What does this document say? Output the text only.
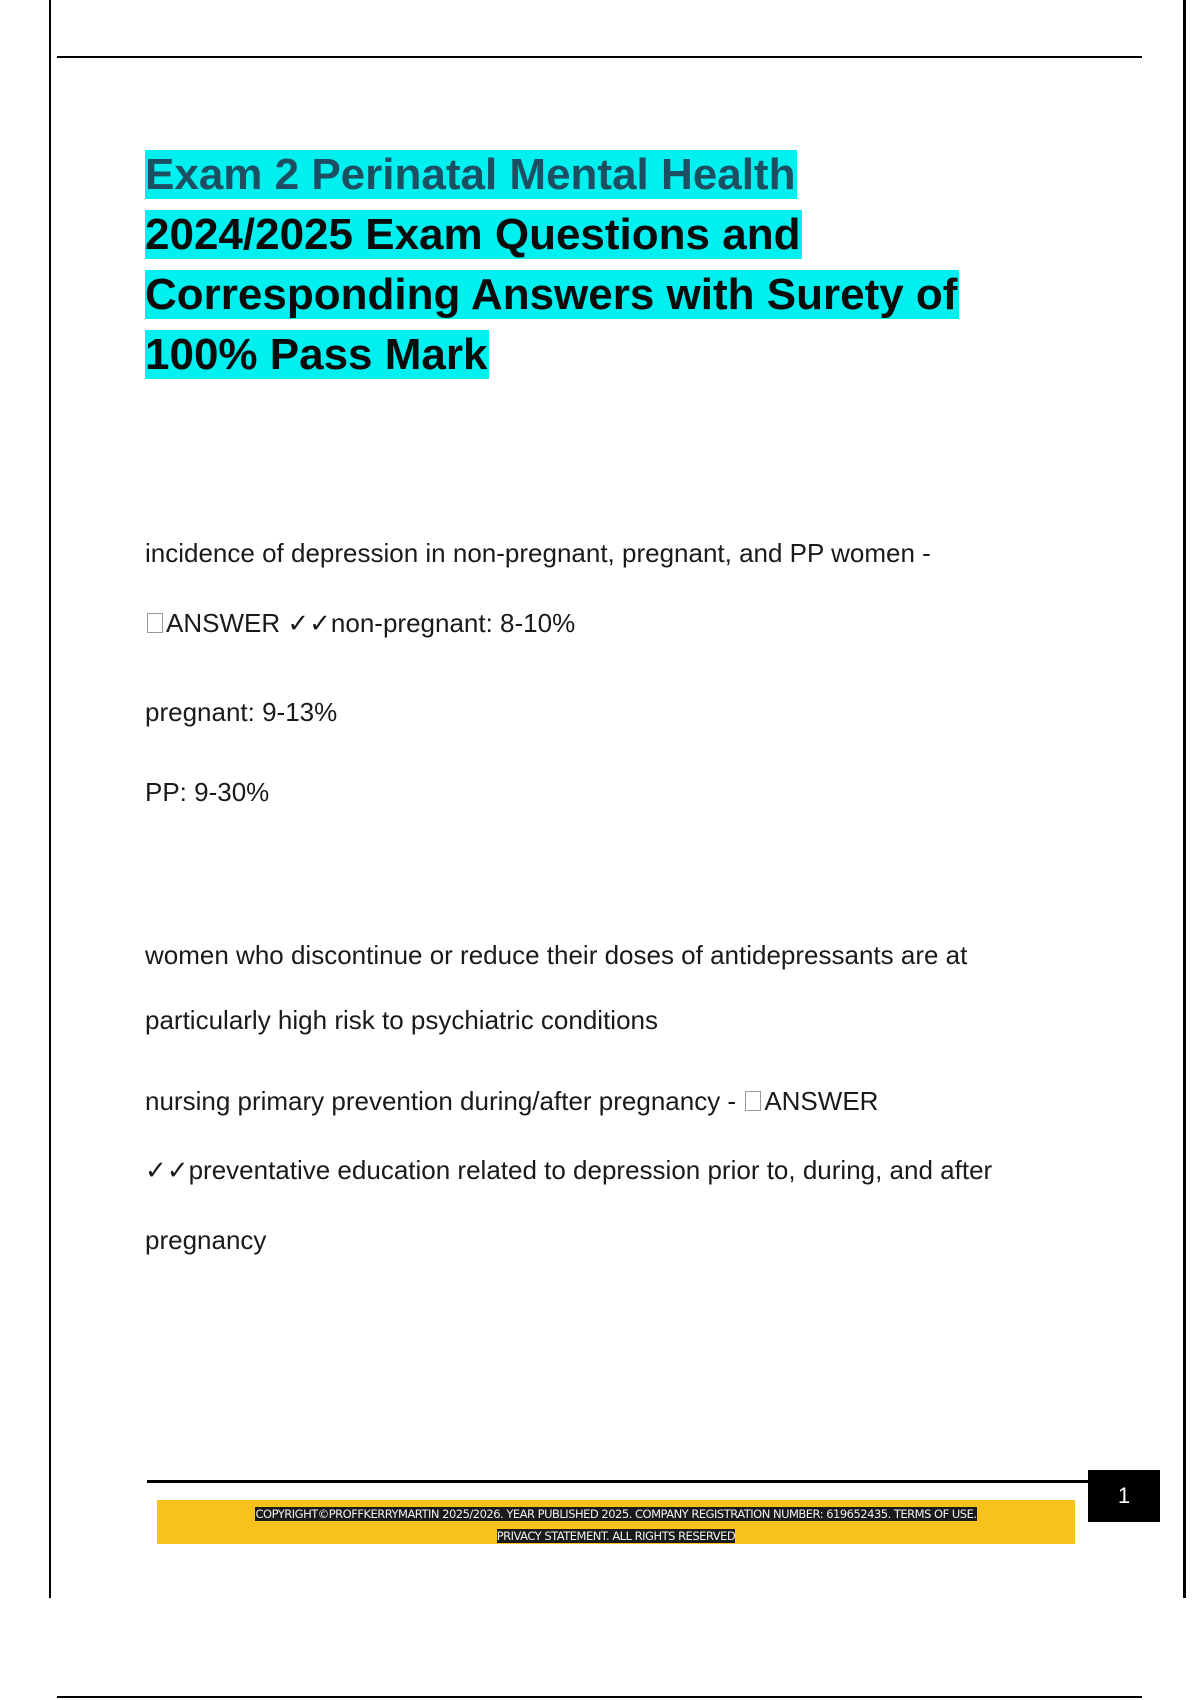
Exam 2 Perinatal Mental Health
2024/2025 Exam Questions and
Corresponding Answers with Surety of
100% Pass Mark

incidence of depression in non-pregnant, pregnant, and PP women -

ANSWER ✓✓non-pregnant: 8-10%

pregnant: 9-13%

PP: 9-30%

women who discontinue or reduce their doses of antidepressants are at

particularly high risk to psychiatric conditions

nursing primary prevention during/after pregnancy - ANSWER

✓✓preventative education related to depression prior to, during, and after

pregnancy

1
COPYRIGHT©PROFFKERRYMARTIN 2025/2026. YEAR PUBLISHED 2025. COMPANY REGISTRATION NUMBER: 619652435. TERMS OF USE.
PRIVACY STATEMENT. ALL RIGHTS RESERVED
